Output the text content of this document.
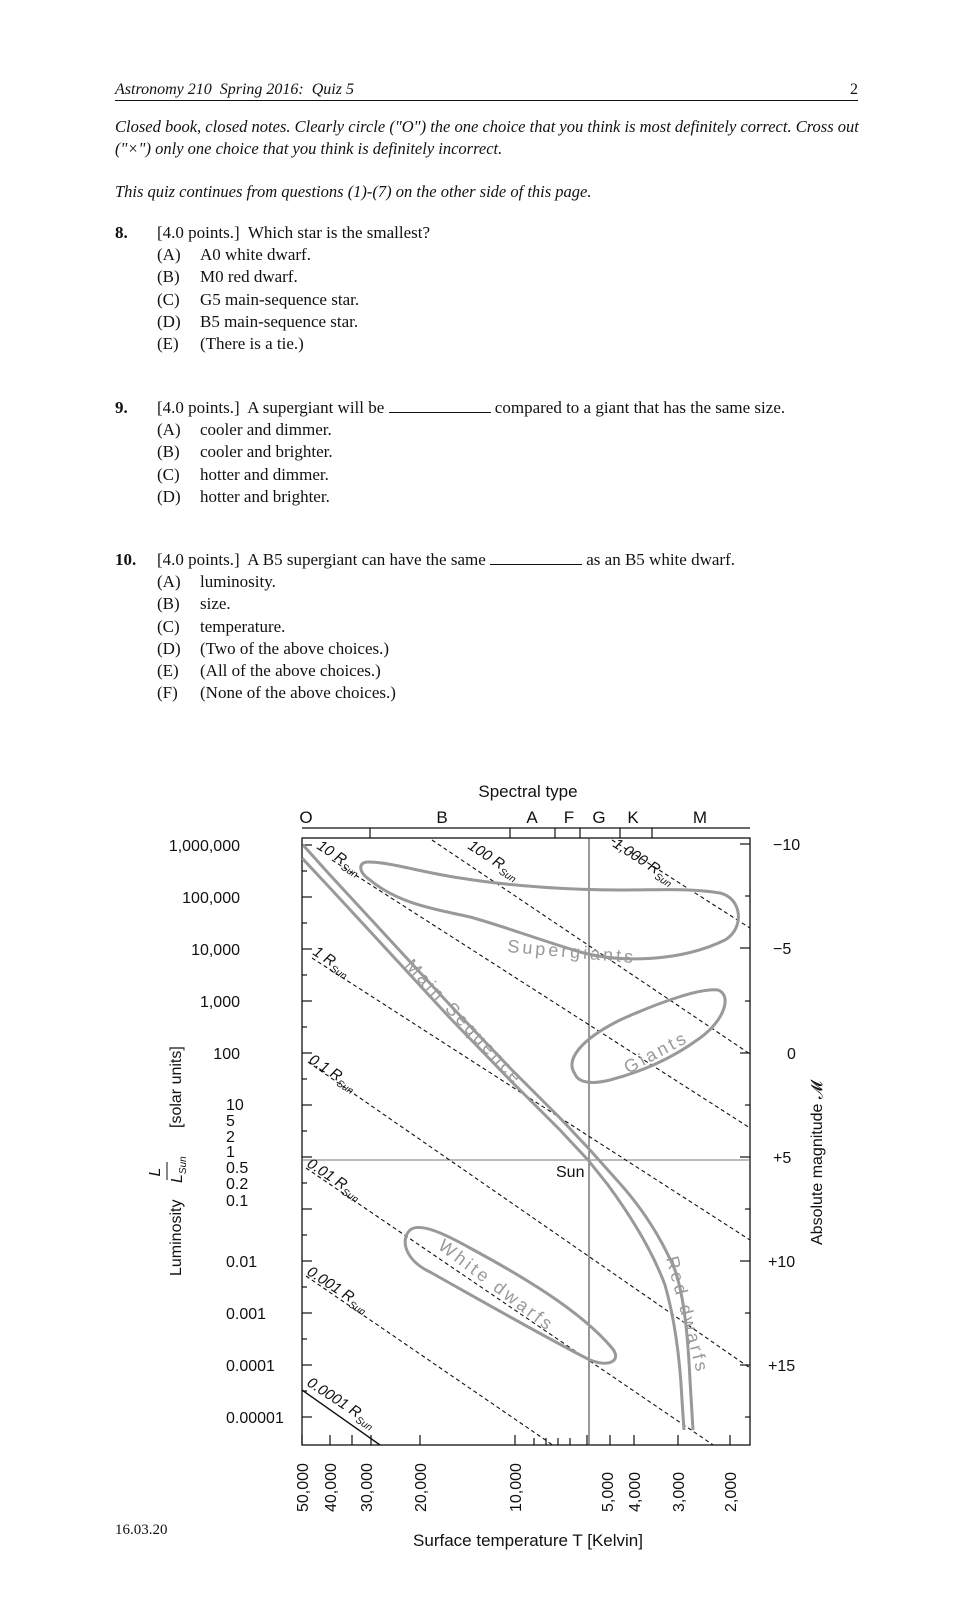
Astronomy 210  Spring 2016:  Quiz 5	2
Closed book, closed notes. Clearly circle ("O") the one choice that you think is most definitely correct. Cross out ("×") only one choice that you think is definitely incorrect.
This quiz continues from questions (1)-(7) on the other side of this page.
8. [4.0 points.]  Which star is the smallest?
(A) A0 white dwarf.
(B) M0 red dwarf.
(C) G5 main-sequence star.
(D) B5 main-sequence star.
(E) (There is a tie.)
9. [4.0 points.]  A supergiant will be	compared to a giant that has the same size.
(A) cooler and dimmer.
(B) cooler and brighter.
(C) hotter and dimmer.
(D) hotter and brighter.
10. [4.0 points.]  A B5 supergiant can have the same	as an B5 white dwarf.
(A) luminosity.
(B) size.
(C) temperature.
(D) (Two of the above choices.)
(E) (All of the above choices.)
(F) (None of the above choices.)
Spectral type
O	B	A F G K	M
Supergiants
Giants
Main Sequence
White dwarfs	Red dwarfs
1,000 $R_{Sun}$
100 $R_{Sun}$
10 $R_{Sun}$
1 $R_{Sun}$
0.1 $R_{Sun}$
0.01 $R_{Sun}$
0.001 $R_{Sun}$
0.0001 $R_{Sun}$
Sun
1,000,000
100,000
10,000
1,000
100
10
5
2
1
0.5
0.2
0.1
0.01
0.001
0.0001
0.00001
−10
−5
0
+5
+10
+15
50,000 40,000 30,000 20,000	10,000	5,000 4,000 3,000 2,000
Surface temperature T [Kelvin]
Luminosity
L
$L_{Sun}$
[solar units]	Absolute magnitude 𝓜
16.03.20
